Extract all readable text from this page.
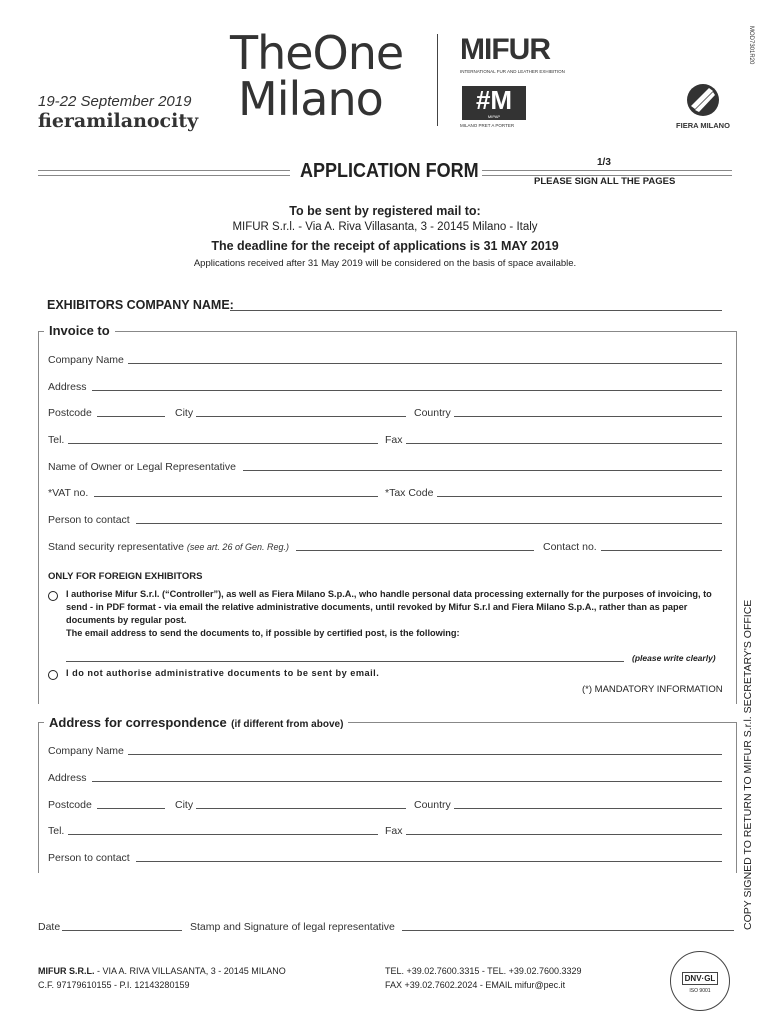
19-22 September 2019
fieramilanocity
TheOne
Milano
MIFUR
INTERNATIONAL FUR AND LEATHER EXHIBITION
#M
MIPAP
MILANO PRET A PORTER	FIERA MILANO
MOD7301R20
APPLICATION FORM	1/3
PLEASE SIGN ALL THE PAGES
To be sent by registered mail to:
MIFUR S.r.l. - Via A. Riva Villasanta, 3 - 20145 Milano - Italy
The deadline for the receipt of applications is 31 MAY 2019
Applications received after 31 May 2019 will be considered on the basis of space available.
EXHIBITORS COMPANY NAME:
Invoice to
Company Name
Address
Postcode	City	Country
Tel.	Fax
Name of Owner or Legal Representative
*VAT no.	*Tax Code
Person to contact
Stand security representative (see art. 26 of Gen. Reg.)	Contact no.
ONLY FOR FOREIGN EXHIBITORS
I authorise Mifur S.r.l. (“Controller”), as well as Fiera Milano S.p.A., who handle personal data processing externally for the purposes of invoicing, to send - in PDF format - via email the relative administrative documents, until revoked by Mifur S.r.l and Fiera Milano S.p.A., rather than as paper documents by regular post.
The email address to send the documents to, if possible by certified post, is the following:
(please write clearly)
I do not authorise administrative documents to be sent by email.
(*) MANDATORY INFORMATION
Address for correspondence (if different from above)
Company Name
Address
Postcode	City	Country
Tel.	Fax
Person to contact
Date	Stamp and Signature of legal representative	COPY SIGNED TO RETURN TO MIFUR S.r.l. SECRETARY'S OFFICE
MIFUR S.R.L. - VIA A. RIVA VILLASANTA, 3 - 20145 MILANO
C.F. 97179610155 - P.I. 12143280159
TEL. +39.02.7600.3315 - TEL. +39.02.7600.3329
FAX +39.02.7602.2024 - EMAIL mifur@pec.it
DNV·GL
ISO 9001
